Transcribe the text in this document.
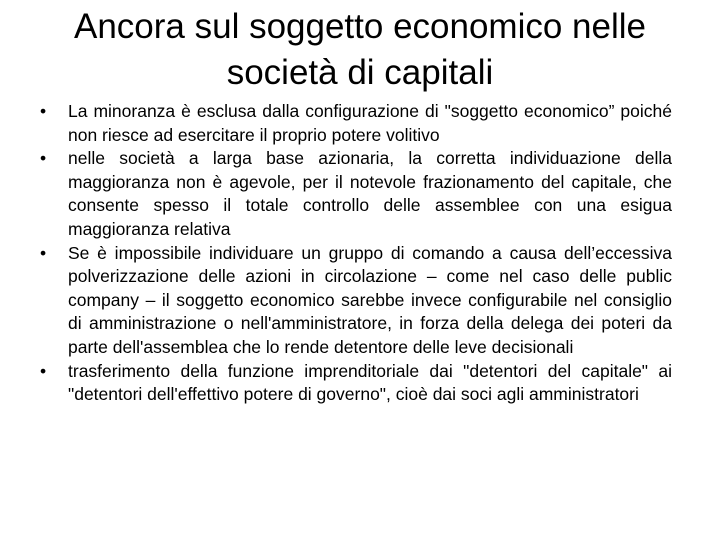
Ancora sul soggetto economico nelle
società di capitali
•	La minoranza è esclusa dalla configurazione di "soggetto economico” poiché non riesce ad esercitare il proprio potere volitivo
•	nelle società a larga base azionaria, la corretta individuazione della maggioranza non è agevole, per il notevole frazionamento del capitale, che consente spesso il totale controllo delle assemblee con una esigua maggioranza relativa
•	Se è impossibile individuare un gruppo di comando a causa dell’eccessiva polverizzazione delle azioni in circolazione – come nel caso delle public company – il soggetto economico sarebbe invece configurabile nel consiglio di amministrazione o nell'amministratore, in forza della delega dei poteri da parte dell'assemblea che lo rende detentore delle leve decisionali
•	trasferimento della funzione imprenditoriale dai "detentori del capitale" ai "detentori dell'effettivo potere di governo", cioè dai soci agli amministratori
